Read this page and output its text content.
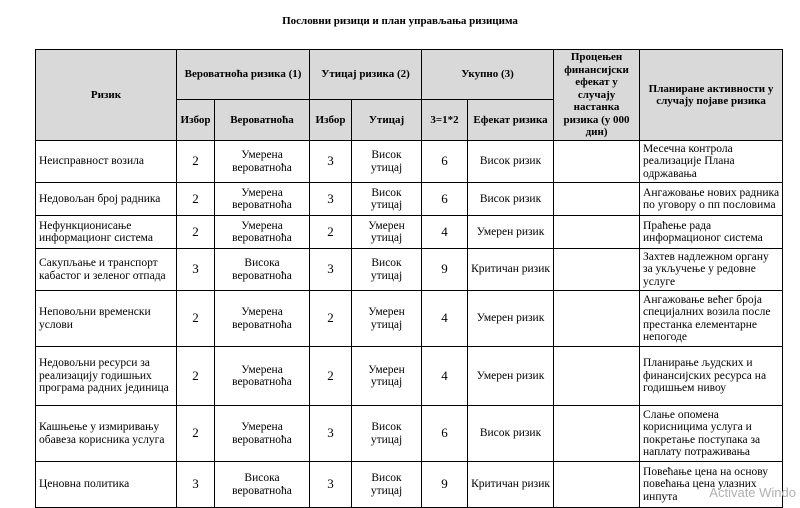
Пословни ризици и план управљања ризицима
Ризик	Вероватноћа ризика (1)		Утицај ризика (2)		Укупно (3)		Процењен финансијски ефекат у случају настанка ризика (у 000 дин)	Планиране активности у случају појаве ризика
	Избор	Вероватноћа	Избор	Утицај	3=1*2	Ефекат ризика		
Неисправност возила	2	Умерена вероватноћа	3	Висок утицај	6	Висок ризик		Месечна контрола реализације Плана одржавања
Недовољан број радника	2	Умерена вероватноћа	3	Висок утицај	6	Висок ризик		Ангажовање нових радника по уговору о пп пословима
Нефункционисање информационг система	2	Умерена вероватноћа	2	Умерен утицај	4	Умерен ризик		Праћење рада информационог система
Сакупљање и транспорт кабастог и зеленог отпада	3	Висока вероватноћа	3	Висок утицај	9	Критичан ризик		Захтев надлежном органу за укључење у редовне услуге
Неповољни временски услови	2	Умерена вероватноћа	2	Умерен утицај	4	Умерен ризик		Ангажовање већег броја специјалних возила после престанка елементарне непогоде
Недовољни ресурси за реализацију годишњих програма радних јединица	2	Умерена вероватноћа	2	Умерен утицај	4	Умерен ризик		Планирање људских и финансијских ресурса на годишњем нивоу
Кашњење у измиривању обавеза корисника услуга	2	Умерена вероватноћа	3	Висок утицај	6	Висок ризик		Слање опомена корисницима услуга и покретање поступака за наплату потраживања
Ценовна политика	3	Висока вероватноћа	3	Висок утицај	9	Критичан ризик		Повећање цена на основу повећања цена улазних инпута Activate Windo
